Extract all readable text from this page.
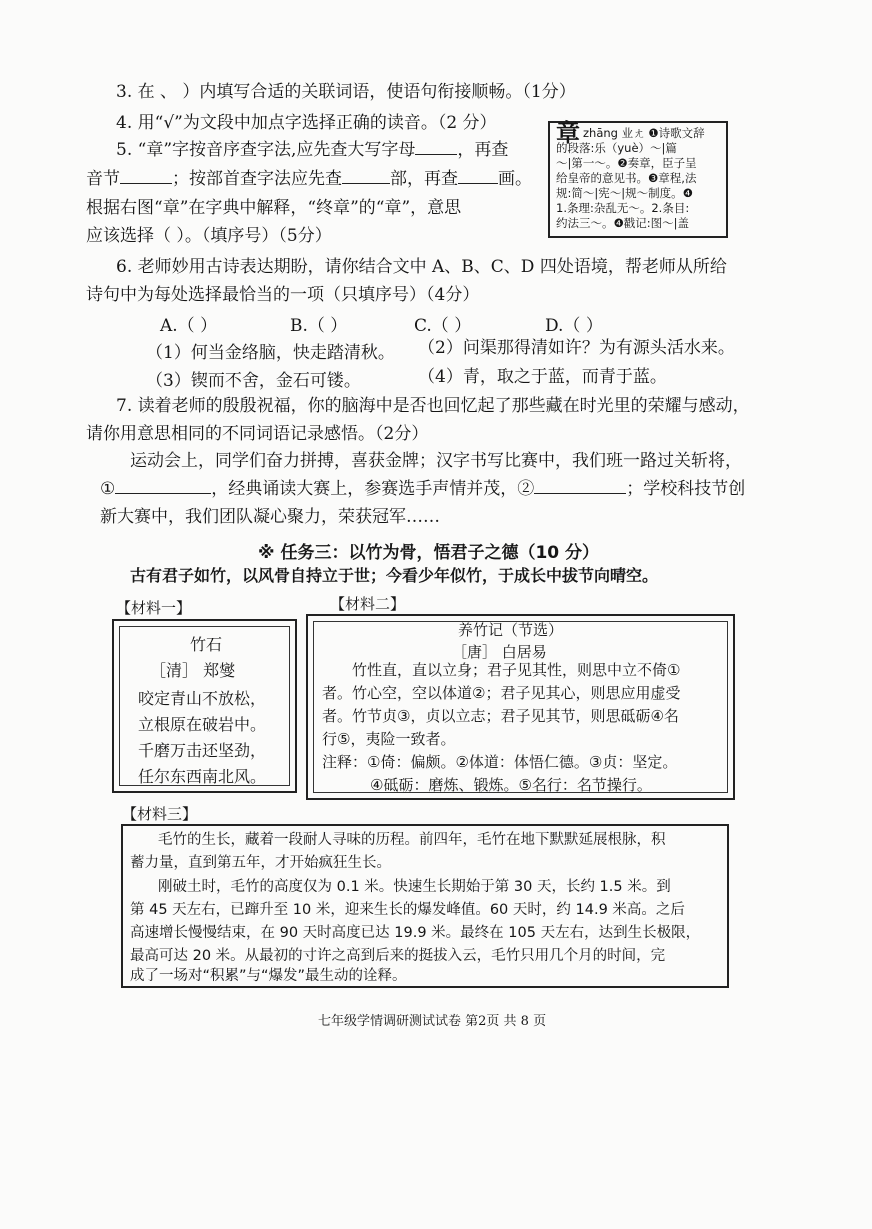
3. 在 、 ）内填写合适的关联词语，使语句衔接顺畅。（1分）
4. 用“√”为文段中加点字选择正确的读音。（2 分）
5. “章”字按音序查字法,应先查大写字母 ，再查
音节	；按部首查字法应先查	部，再查 画。
根据右图“章”在字典中解释，“终章”的“章”，意思
应该选择（ ）。（填序号）（5分）

章zhāng 业ㄤ ❶诗歌文辞

的段落:乐（yuè）～|篇

～|第一～。❷奏章，臣子呈

给皇帝的意见书。❸章程,法

规:简～|宪～|规～制度。❹

1.条理:杂乱无～。2.条目:

约法三～。❹戳记:图～|盖

6. 老师妙用古诗表达期盼，请你结合文中 A、B、C、D 四处语境，帮老师从所给
诗句中为每处选择最恰当的一项（只填序号）（4分）
A.（ ）	B.（ ）	C.（ ）	D.（ ）
（1）何当金络脑，快走踏清秋。 （2）问渠那得清如许？为有源头活水来。
（3）锲而不舍，金石可镂。	（4）青，取之于蓝，而青于蓝。
7. 读着老师的殷殷祝福，你的脑海中是否也回忆起了那些藏在时光里的荣耀与感动，
请你用意思相同的不同词语记录感悟。（2分）
运动会上，同学们奋力拼搏，喜获金牌；汉字书写比赛中，我们班一路过关斩将，
①	，经典诵读大赛上，参赛选手声情并茂，②	；学校科技节创
新大赛中，我们团队凝心聚力，荣获冠军……
※ 任务三：以竹为骨，悟君子之德（10 分）
古有君子如竹，以风骨自持立于世；今看少年似竹，于成长中拔节向晴空。
【材料一】
竹石
［清］ 郑燮
咬定青山不放松，
立根原在破岩中。
千磨万击还坚劲，
任尔东西南北风。
【材料二】
养竹记（节选）
［唐］ 白居易
竹性直，直以立身；君子见其性，则思中立不倚①
者。竹心空，空以体道②；君子见其心，则思应用虚受
者。竹节贞③，贞以立志；君子见其节，则思砥砺④名
行⑤，夷险一致者。
注释：①倚：偏颇。②体道：体悟仁德。③贞：坚定。
④砥砺：磨炼、锻炼。⑤名行：名节操行。
【材料三】
毛竹的生长，藏着一段耐人寻味的历程。前四年，毛竹在地下默默延展根脉，积
蓄力量，直到第五年，才开始疯狂生长。
刚破土时，毛竹的高度仅为 0.1 米。快速生长期始于第 30 天，长约 1.5 米。到
第 45 天左右，已蹿升至 10 米，迎来生长的爆发峰值。60 天时，约 14.9 米高。之后
高速增长慢慢结束，在 90 天时高度已达 19.9 米。最终在 105 天左右，达到生长极限，
最高可达 20 米。从最初的寸许之高到后来的挺拔入云，毛竹只用几个月的时间，完
成了一场对“积累”与“爆发”最生动的诠释。
七年级学情调研测试试卷 第2页 共 8 页
